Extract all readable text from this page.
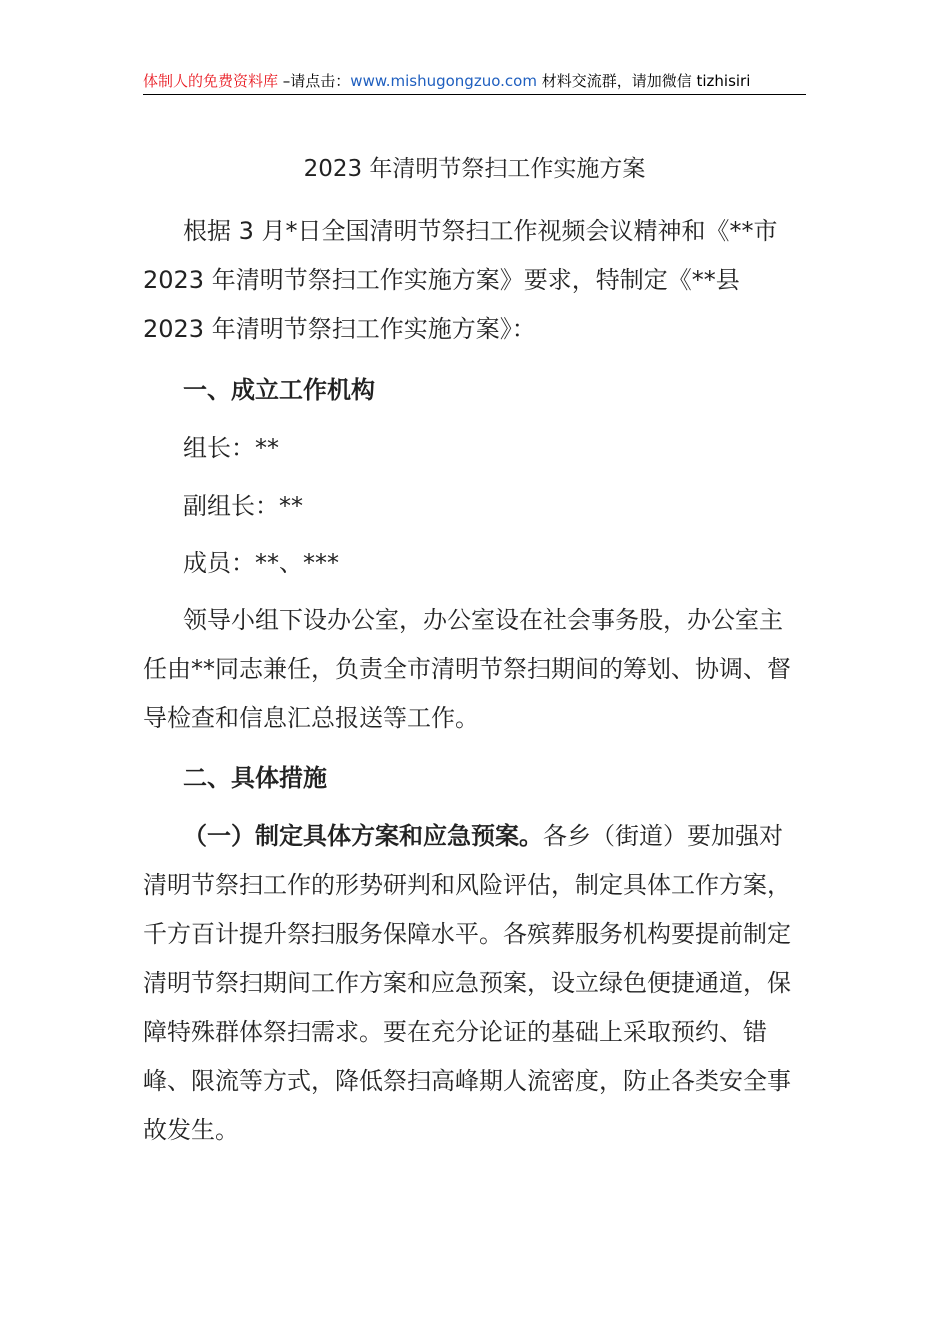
体制人的免费资料库 –请点击：www.mishugongzuo.com 材料交流群，请加微信 tizhisiri
2023 年清明节祭扫工作实施方案

根据 3 月*日全国清明节祭扫工作视频会议精神和《**市 2023 年清明节祭扫工作实施方案》要求，特制定《**县 2023 年清明节祭扫工作实施方案》：

一、成立工作机构
组长：**
副组长：**
成员：**、***

领导小组下设办公室，办公室设在社会事务股，办公室主任由**同志兼任，负责全市清明节祭扫期间的筹划、协调、督导检查和信息汇总报送等工作。

二、具体措施

（一）制定具体方案和应急预案。各乡（街道）要加强对清明节祭扫工作的形势研判和风险评估，制定具体工作方案，千方百计提升祭扫服务保障水平。各殡葬服务机构要提前制定清明节祭扫期间工作方案和应急预案，设立绿色便捷通道，保障特殊群体祭扫需求。要在充分论证的基础上采取预约、错峰、限流等方式，降低祭扫高峰期人流密度，防止各类安全事故发生。
